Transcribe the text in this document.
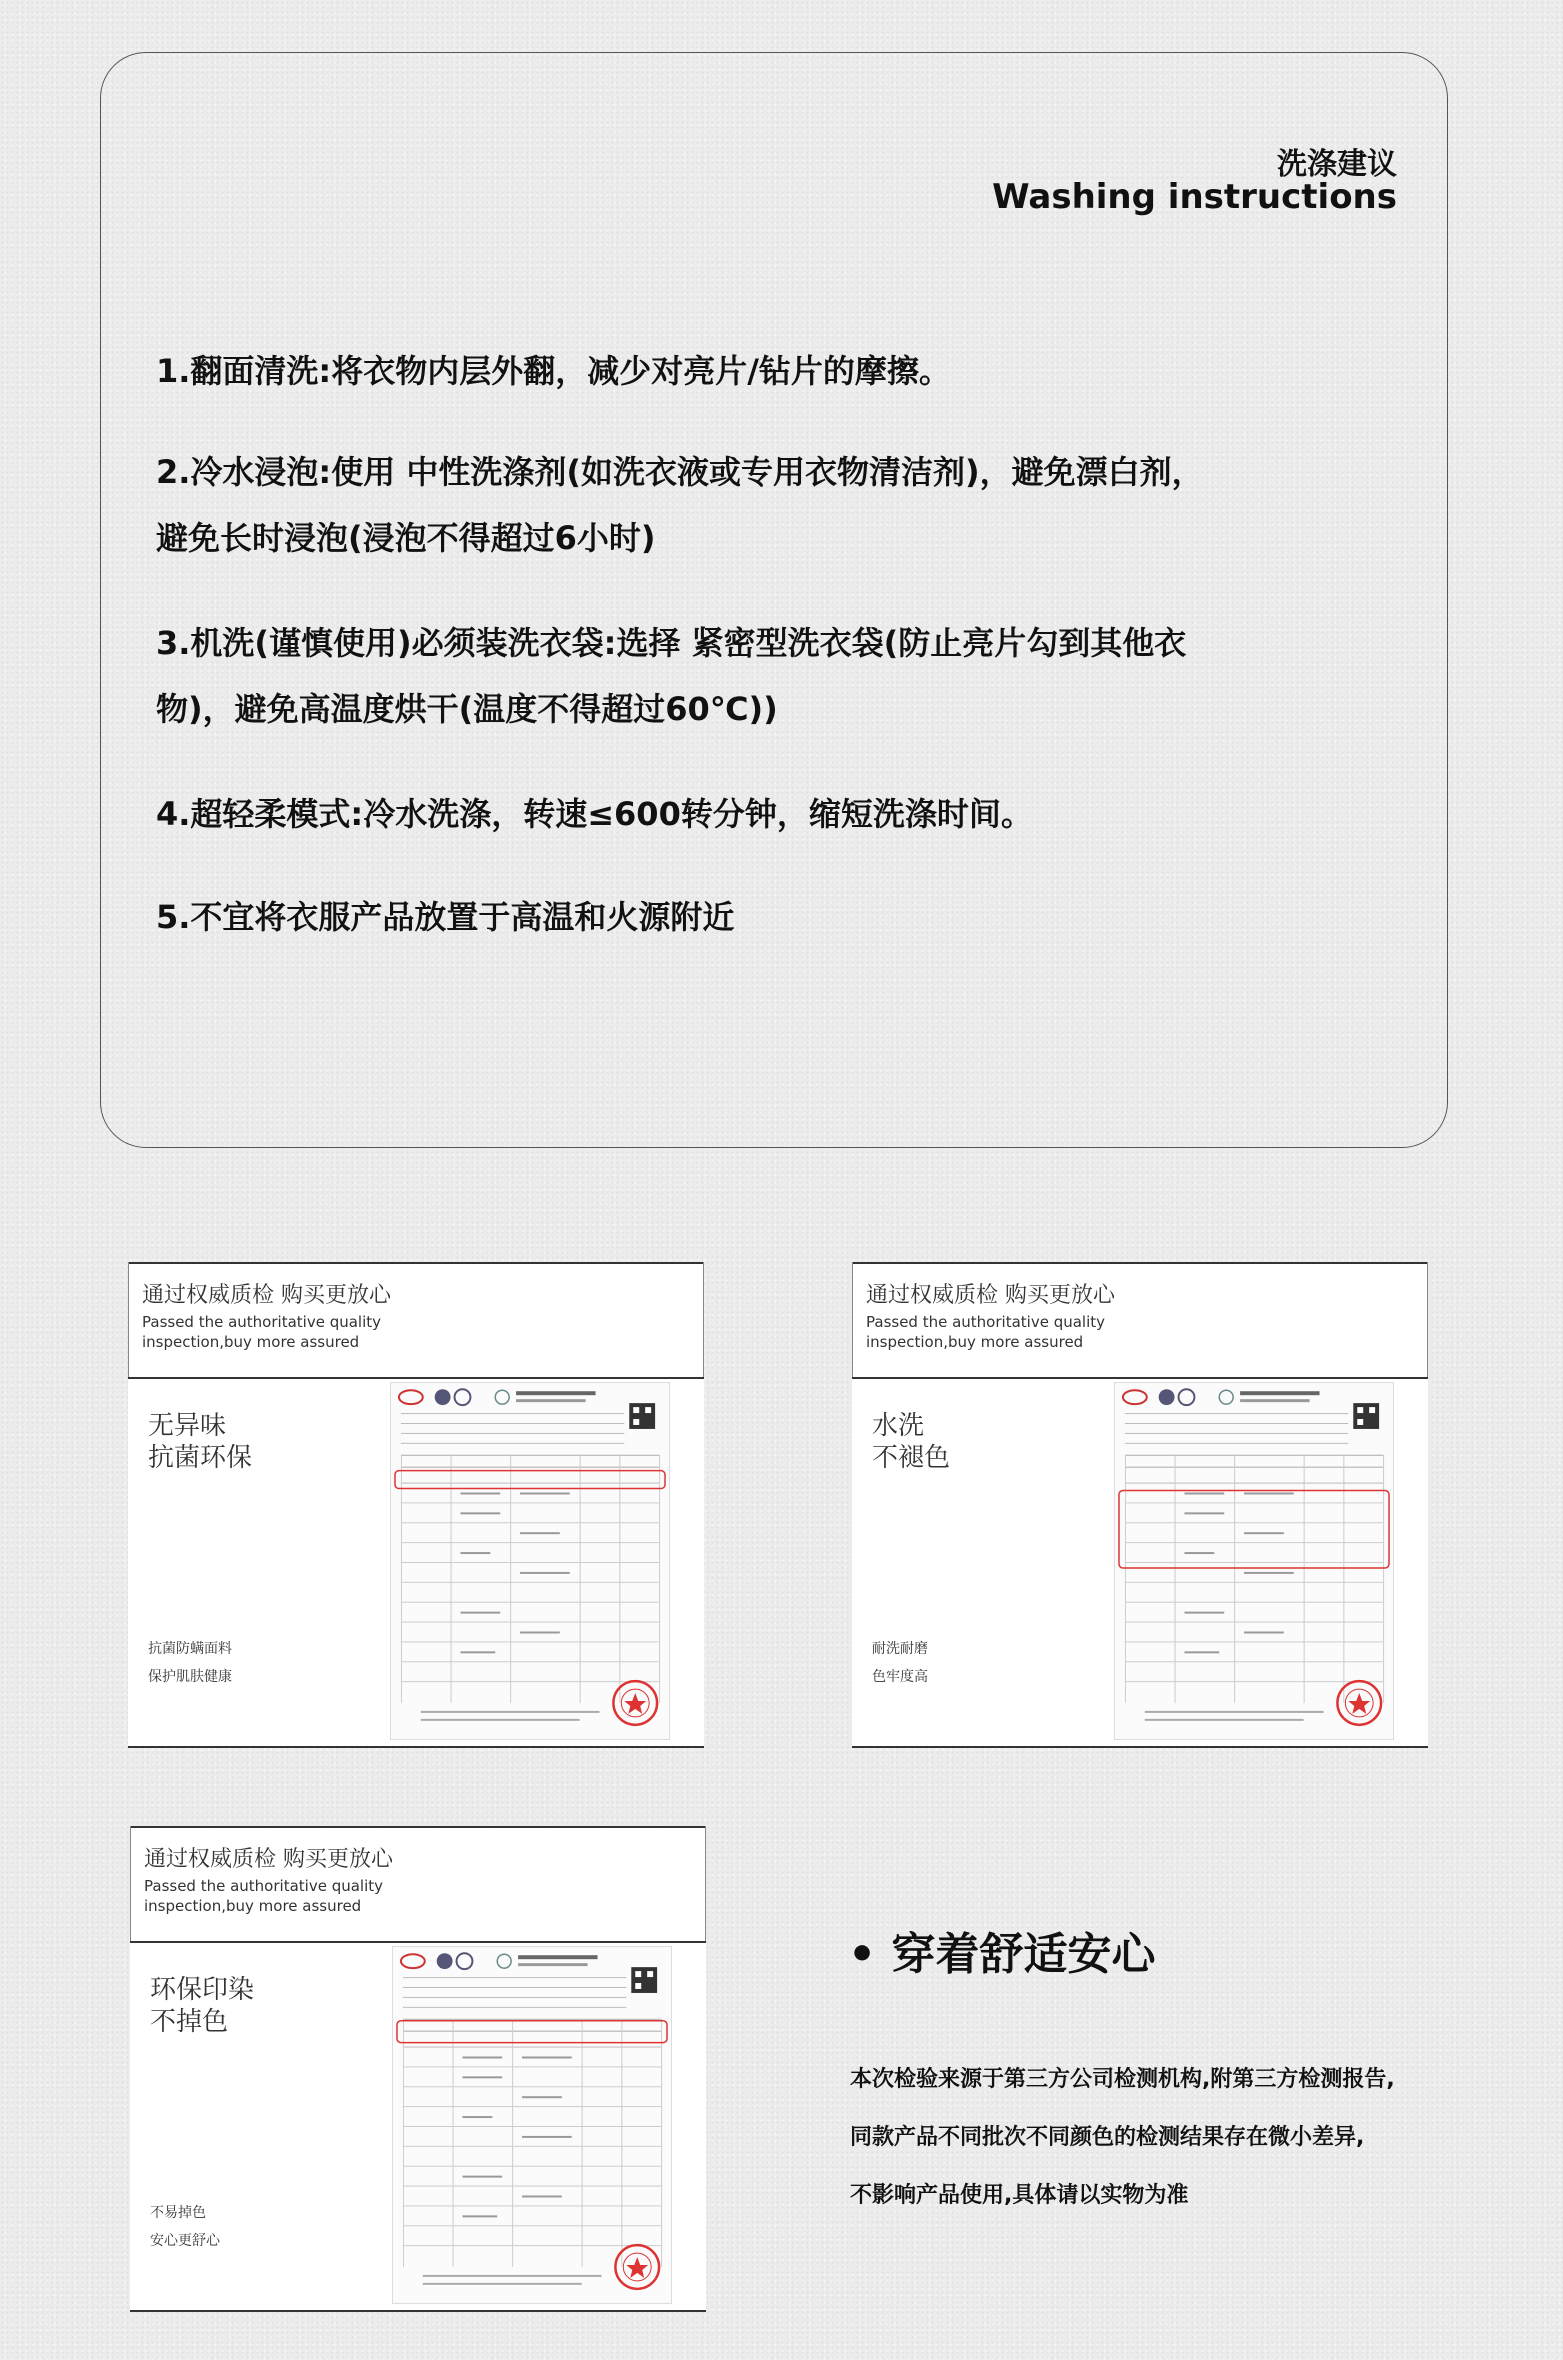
洗涤建议
Washing instructions
1.翻面清洗:将衣物内层外翻，减少对亮片/钻片的摩擦。
2.冷水浸泡:使用 中性洗涤剂(如洗衣液或专用衣物清洁剂)，避免漂白剂，避免长时浸泡(浸泡不得超过6小时)
3.机洗(谨慎使用)必须装洗衣袋:选择 紧密型洗衣袋(防止亮片勾到其他衣物)，避免高温度烘干(温度不得超过60℃))
4.超轻柔模式:冷水洗涤，转速≤600转分钟，缩短洗涤时间。
5.不宜将衣服产品放置于高温和火源附近
通过权威质检 购买更放心
Passed the authoritative quality inspection,buy more assured
无异味
抗菌环保
抗菌防螨面料
保护肌肤健康
通过权威质检 购买更放心
Passed the authoritative quality inspection,buy more assured
水洗
不褪色
耐洗耐磨
色牢度高
通过权威质检 购买更放心
Passed the authoritative quality inspection,buy more assured
环保印染
不掉色
不易掉色
安心更舒心
• 穿着舒适安心
本次检验来源于第三方公司检测机构,附第三方检测报告,
同款产品不同批次不同颜色的检测结果存在微小差异,
不影响产品使用,具体请以实物为准
